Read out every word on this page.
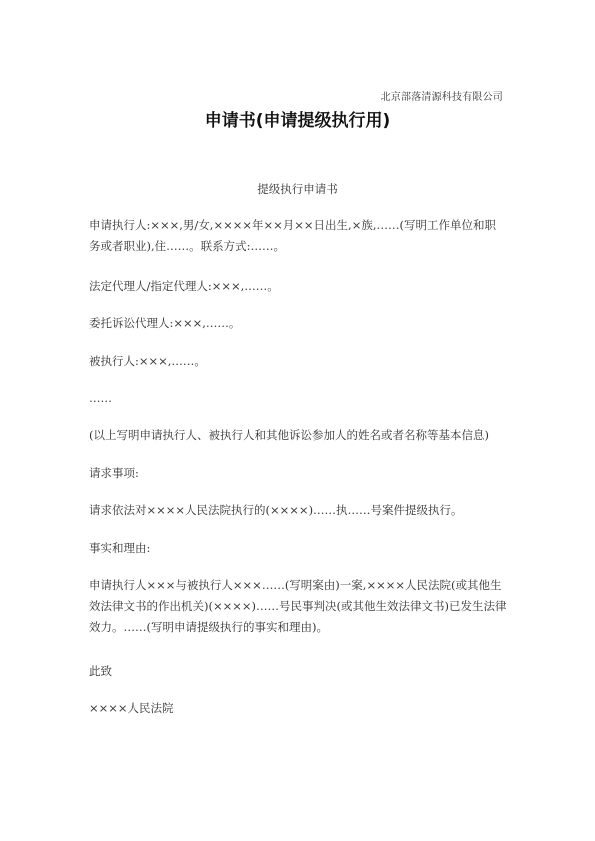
北京部落清源科技有限公司
申请书(申请提级执行用)

提级执行申请书

申请执行人:×××,男/女,××××年××月××日出生,×族,……(写明工作单位和职务或者职业),住……。联系方式:……。

法定代理人/指定代理人:×××,……。

委托诉讼代理人:×××,……。

被执行人:×××,……。

……

(以上写明申请执行人、被执行人和其他诉讼参加人的姓名或者名称等基本信息)

请求事项:

请求依法对××××人民法院执行的(××××)……执……号案件提级执行。

事实和理由:

申请执行人×××与被执行人×××……(写明案由)一案,××××人民法院(或其他生效法律文书的作出机关)(××××)……号民事判决(或其他生效法律文书)已发生法律效力。……(写明申请提级执行的事实和理由)。

此致

××××人民法院
